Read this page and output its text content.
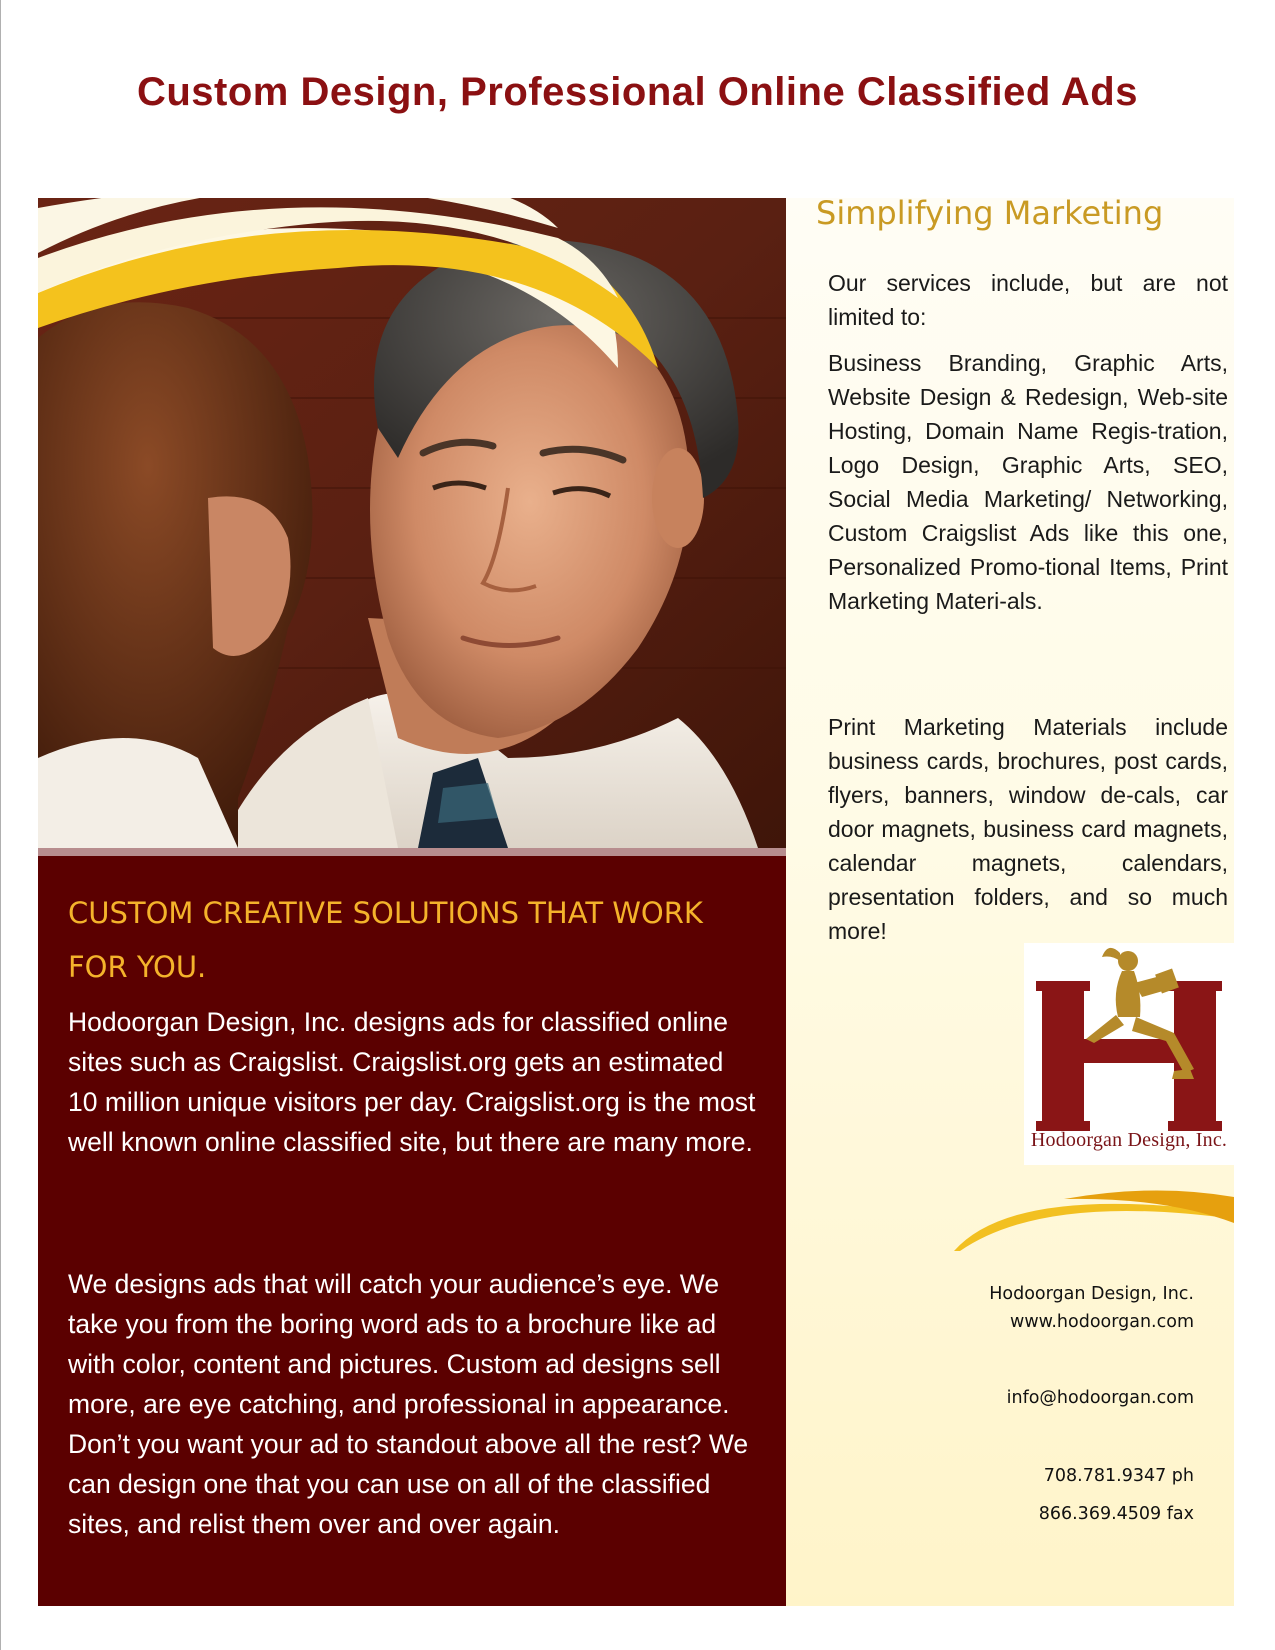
Custom Design, Professional Online Classified Ads
CUSTOM CREATIVE SOLUTIONS THAT WORK FOR YOU.

Hodoorgan Design, Inc. designs ads for classified online sites such as Craigslist. Craigslist.org gets an estimated 10 million unique visitors per day. Craigslist.org is the most well known online classified site, but there are many more.

We designs ads that will catch your audience’s eye. We take you from the boring word ads to a brochure like ad with color, content and pictures. Custom ad designs sell more, are eye catching, and professional in appearance. Don’t you want your ad to standout above all the rest? We can design one that you can use on all of the classified sites, and relist them over and over again.

Simplifying Marketing

Our services include, but are not limited to:

Business Branding, Graphic Arts, Website Design & Redesign, Web-site Hosting, Domain Name Regis-tration, Logo Design, Graphic Arts, SEO, Social Media Marketing/ Networking, Custom Craigslist Ads like this one, Personalized Promo-tional Items, Print Marketing Materi-als.

Print Marketing Materials include business cards, brochures, post cards, flyers, banners, window de-cals, car door magnets, business card magnets, calendar magnets, calendars, presentation folders, and so much more!

Hodoorgan Design, Inc.
Hodoorgan Design, Inc.
www.hodoorgan.com
info@hodoorgan.com
708.781.9347 ph
866.369.4509 fax
